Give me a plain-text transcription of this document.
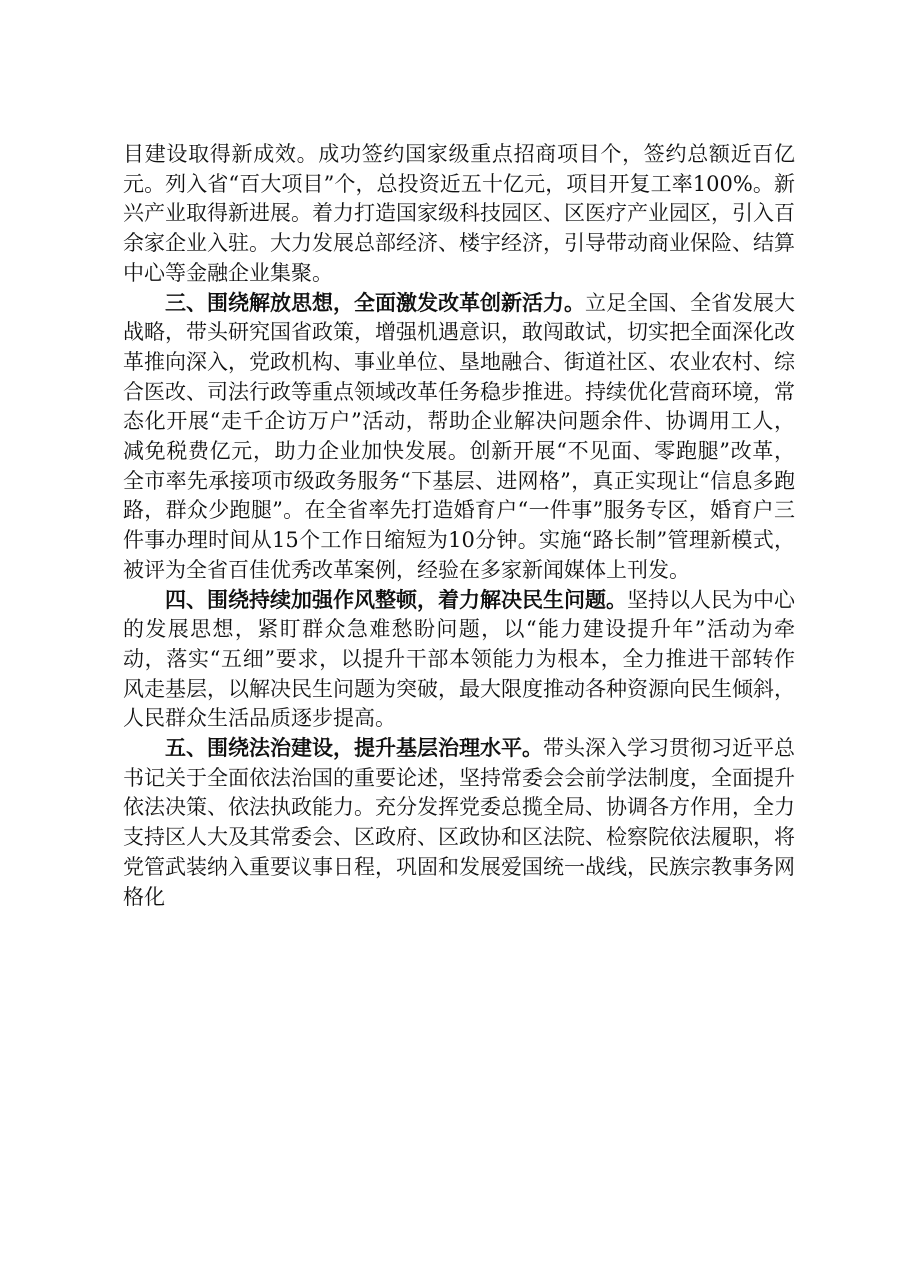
目建设取得新成效。成功签约国家级重点招商项目个，签约总额近百亿元。列入省“百大项目”个，总投资近五十亿元，项目开复工率100%。新兴产业取得新进展。着力打造国家级科技园区、区医疗产业园区，引入百余家企业入驻。大力发展总部经济、楼宇经济，引导带动商业保险、结算中心等金融企业集聚。

三、围绕解放思想，全面激发改革创新活力。立足全国、全省发展大战略，带头研究国省政策，增强机遇意识，敢闯敢试，切实把全面深化改革推向深入，党政机构、事业单位、垦地融合、街道社区、农业农村、综合医改、司法行政等重点领域改革任务稳步推进。持续优化营商环境，常态化开展“走千企访万户”活动，帮助企业解决问题余件、协调用工人，减免税费亿元，助力企业加快发展。创新开展“不见面、零跑腿”改革，全市率先承接项市级政务服务“下基层、进网格”，真正实现让“信息多跑路，群众少跑腿”。在全省率先打造婚育户“一件事”服务专区，婚育户三件事办理时间从15个工作日缩短为10分钟。实施“路长制”管理新模式，被评为全省百佳优秀改革案例，经验在多家新闻媒体上刊发。

四、围绕持续加强作风整顿，着力解决民生问题。坚持以人民为中心的发展思想，紧盯群众急难愁盼问题，以“能力建设提升年”活动为牵动，落实“五细”要求，以提升干部本领能力为根本，全力推进干部转作风走基层，以解决民生问题为突破，最大限度推动各种资源向民生倾斜，人民群众生活品质逐步提高。

五、围绕法治建设，提升基层治理水平。带头深入学习贯彻习近平总书记关于全面依法治国的重要论述，坚持常委会会前学法制度，全面提升依法决策、依法执政能力。充分发挥党委总揽全局、协调各方作用，全力支持区人大及其常委会、区政府、区政协和区法院、检察院依法履职，将党管武装纳入重要议事日程，巩固和发展爱国统一战线，民族宗教事务网格化
